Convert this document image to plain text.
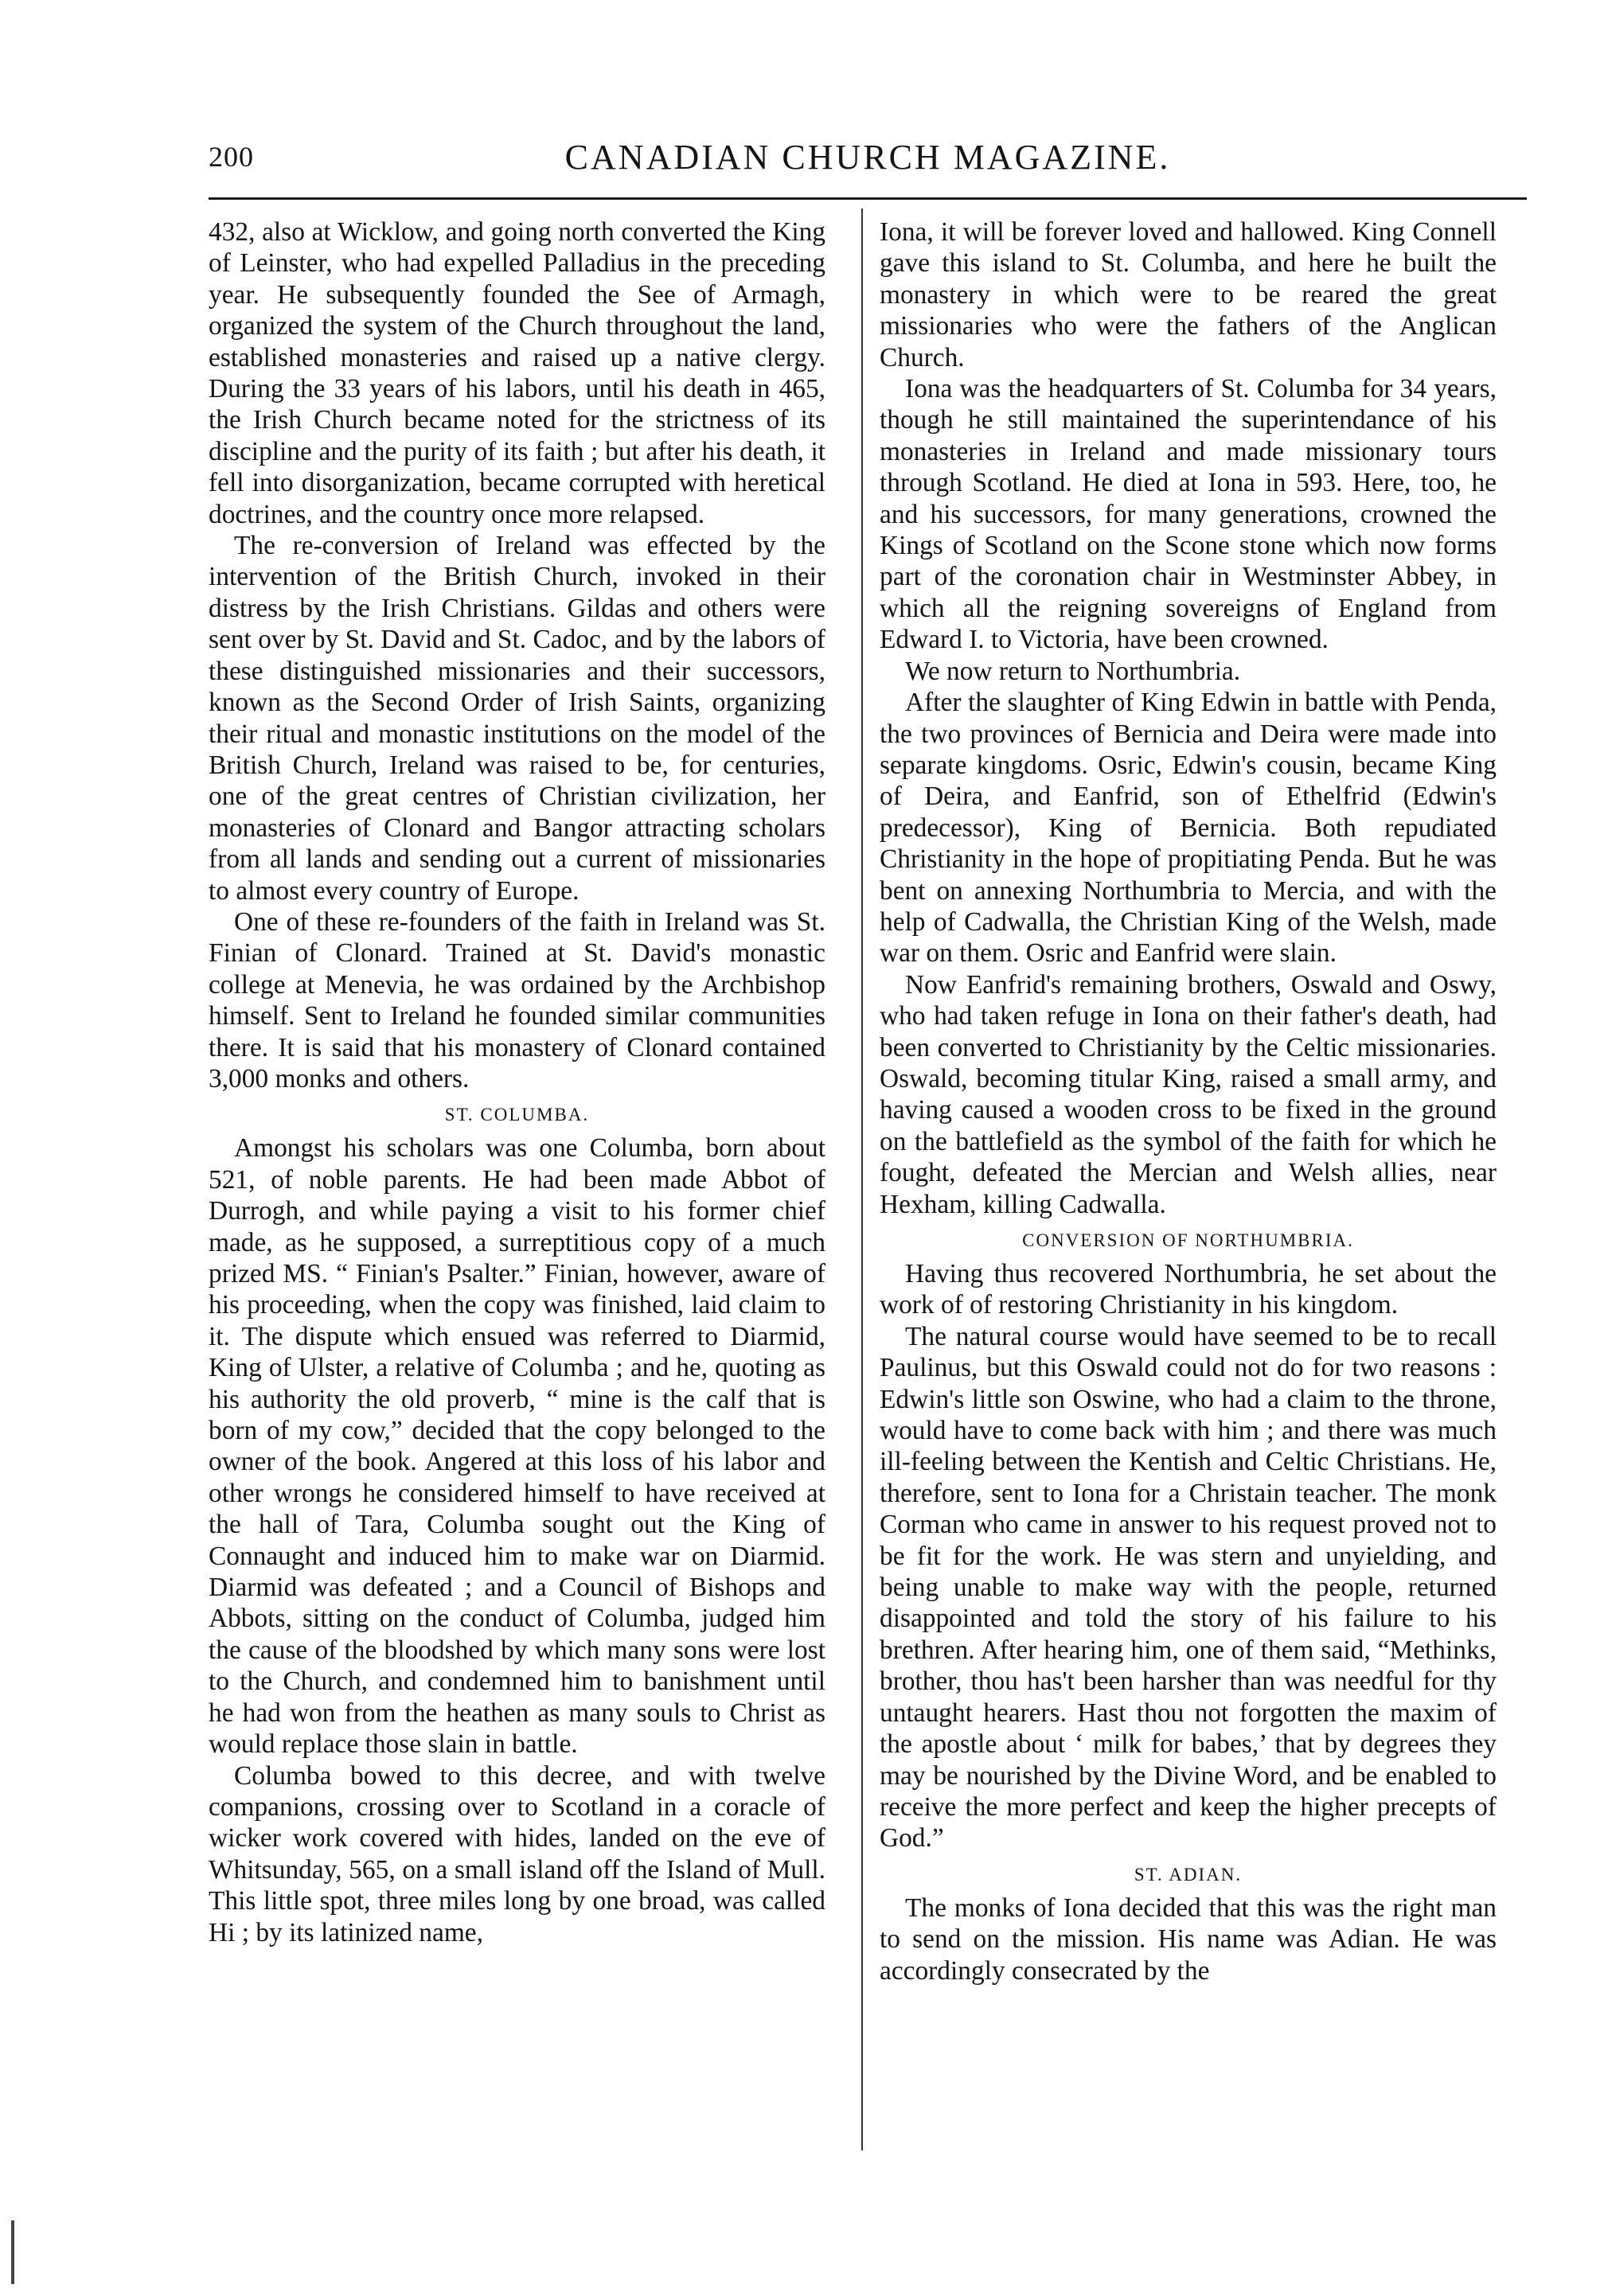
200	CANADIAN CHURCH MAGAZINE.

432, also at Wicklow, and going north converted the King of Leinster, who had expelled Palladius in the preceding year. He subsequently founded the See of Armagh, organized the system of the Church throughout the land, established monasteries and raised up a native clergy. During the 33 years of his labors, until his death in 465, the Irish Church became noted for the strictness of its discipline and the purity of its faith ; but after his death, it fell into disorganization, became corrupted with heretical doctrines, and the country once more relapsed.

The re-conversion of Ireland was effected by the intervention of the British Church, invoked in their distress by the Irish Christians. Gildas and others were sent over by St. David and St. Cadoc, and by the labors of these distinguished missionaries and their successors, known as the Second Order of Irish Saints, organizing their ritual and monastic institutions on the model of the British Church, Ireland was raised to be, for centuries, one of the great centres of Christian civilization, her monasteries of Clonard and Bangor attracting scholars from all lands and sending out a current of missionaries to almost every country of Europe.

One of these re-founders of the faith in Ireland was St. Finian of Clonard. Trained at St. David's monastic college at Menevia, he was ordained by the Archbishop himself. Sent to Ireland he founded similar communities there. It is said that his monastery of Clonard contained 3,000 monks and others.

ST. COLUMBA.

Amongst his scholars was one Columba, born about 521, of noble parents. He had been made Abbot of Durrogh, and while paying a visit to his former chief made, as he supposed, a surreptitious copy of a much prized MS. “ Finian's Psalter.” Finian, however, aware of his proceeding, when the copy was finished, laid claim to it. The dispute which ensued was referred to Diarmid, King of Ulster, a relative of Columba ; and he, quoting as his authority the old proverb, “ mine is the calf that is born of my cow,” decided that the copy belonged to the owner of the book. Angered at this loss of his labor and other wrongs he considered himself to have received at the hall of Tara, Columba sought out the King of Connaught and induced him to make war on Diarmid. Diarmid was defeated ; and a Council of Bishops and Abbots, sitting on the conduct of Columba, judged him the cause of the bloodshed by which many sons were lost to the Church, and condemned him to banishment until he had won from the heathen as many souls to Christ as would replace those slain in battle.

Columba bowed to this decree, and with twelve companions, crossing over to Scotland in a coracle of wicker work covered with hides, landed on the eve of Whitsunday, 565, on a small island off the Island of Mull. This little spot, three miles long by one broad, was called Hi ; by its latinized name,

Iona, it will be forever loved and hallowed. King Connell gave this island to St. Columba, and here he built the monastery in which were to be reared the great missionaries who were the fathers of the Anglican Church.

Iona was the headquarters of St. Columba for 34 years, though he still maintained the superintendance of his monasteries in Ireland and made missionary tours through Scotland. He died at Iona in 593. Here, too, he and his successors, for many generations, crowned the Kings of Scotland on the Scone stone which now forms part of the coronation chair in Westminster Abbey, in which all the reigning sovereigns of England from Edward I. to Victoria, have been crowned.

We now return to Northumbria.

After the slaughter of King Edwin in battle with Penda, the two provinces of Bernicia and Deira were made into separate kingdoms. Osric, Edwin's cousin, became King of Deira, and Eanfrid, son of Ethelfrid (Edwin's predecessor), King of Bernicia. Both repudiated Christianity in the hope of propitiating Penda. But he was bent on annexing Northumbria to Mercia, and with the help of Cadwalla, the Christian King of the Welsh, made war on them. Osric and Eanfrid were slain.

Now Eanfrid's remaining brothers, Oswald and Oswy, who had taken refuge in Iona on their father's death, had been converted to Christianity by the Celtic missionaries. Oswald, becoming titular King, raised a small army, and having caused a wooden cross to be fixed in the ground on the battlefield as the symbol of the faith for which he fought, defeated the Mercian and Welsh allies, near Hexham, killing Cadwalla.

CONVERSION OF NORTHUMBRIA.

Having thus recovered Northumbria, he set about the work of of restoring Christianity in his kingdom.

The natural course would have seemed to be to recall Paulinus, but this Oswald could not do for two reasons : Edwin's little son Oswine, who had a claim to the throne, would have to come back with him ; and there was much ill-feeling between the Kentish and Celtic Christians. He, therefore, sent to Iona for a Christain teacher. The monk Corman who came in answer to his request proved not to be fit for the work. He was stern and unyielding, and being unable to make way with the people, returned disappointed and told the story of his failure to his brethren. After hearing him, one of them said, “Methinks, brother, thou has't been harsher than was needful for thy untaught hearers. Hast thou not forgotten the maxim of the apostle about ‘ milk for babes,’ that by degrees they may be nourished by the Divine Word, and be enabled to receive the more perfect and keep the higher precepts of God.”

ST. ADIAN.

The monks of Iona decided that this was the right man to send on the mission. His name was Adian. He was accordingly consecrated by the
